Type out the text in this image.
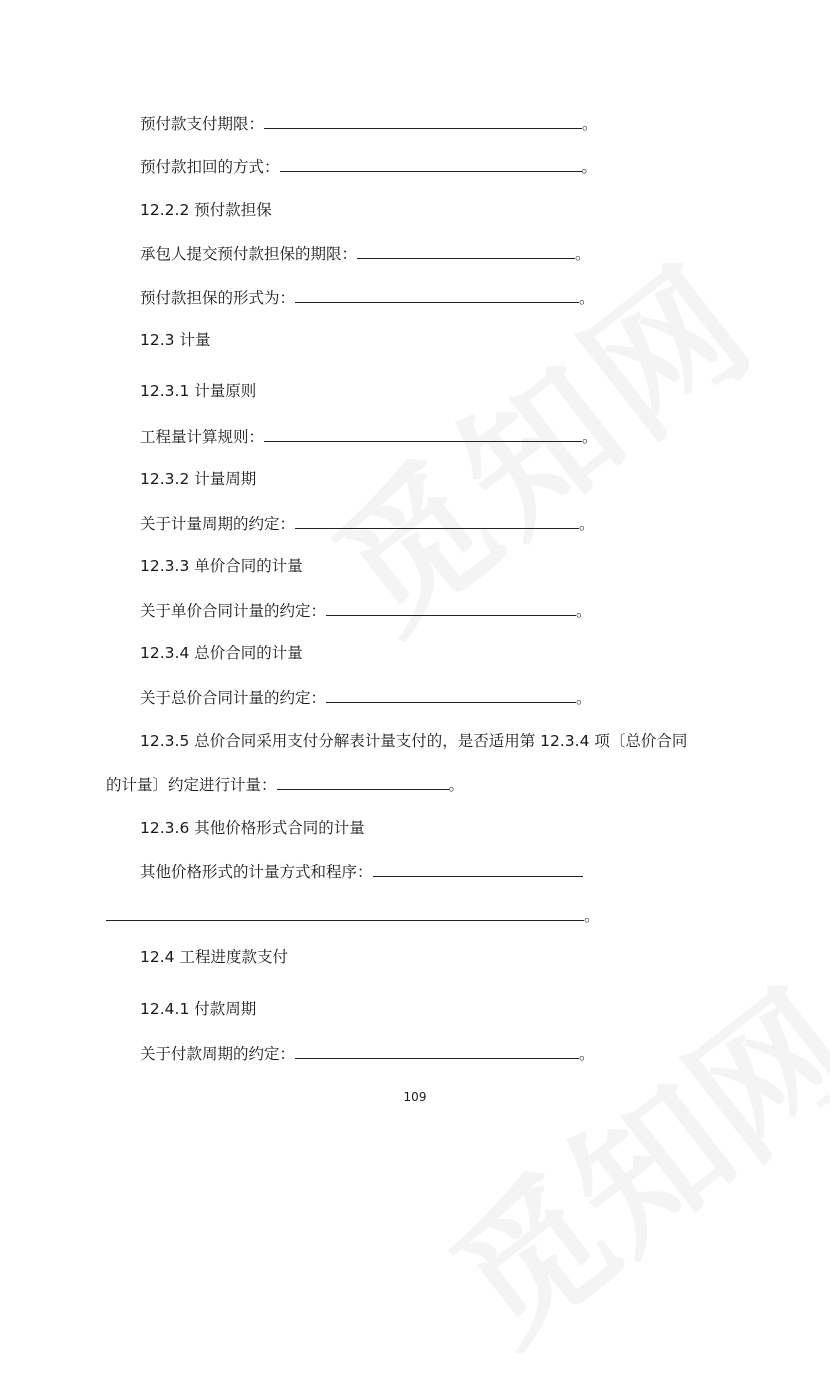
预付款支付期限：	。
预付款扣回的方式：	。
12.2.2 预付款担保
承包人提交预付款担保的期限：	。
预付款担保的形式为：	。
12.3 计量
12.3.1 计量原则
工程量计算规则：	。
12.3.2 计量周期
关于计量周期的约定：	。
12.3.3 单价合同的计量
关于单价合同计量的约定：	。
12.3.4 总价合同的计量
关于总价合同计量的约定：	。
12.3.5 总价合同采用支付分解表计量支付的，是否适用第 12.3.4 项〔总价合同
的计量〕约定进行计量：	。
12.3.6 其他价格形式合同的计量
其他价格形式的计量方式和程序：
。
12.4 工程进度款支付
12.4.1 付款周期
关于付款周期的约定：	。
109
